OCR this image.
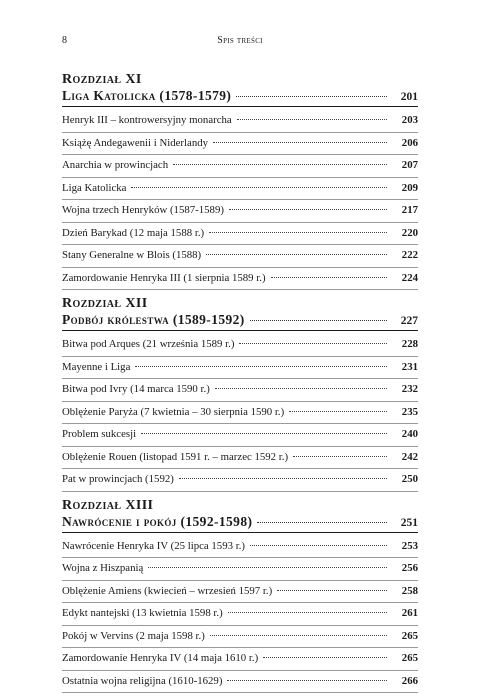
8	Spis treści
Rozdział XI
Liga Katolicka (1578-1579)	201
Henryk III – kontrowersyjny monarcha	203
Książę Andegawenii i Niderlandy	206
Anarchia w prowincjach	207
Liga Katolicka	209
Wojna trzech Henryków (1587-1589)	217
Dzień Barykad (12 maja 1588 r.)	220
Stany Generalne w Blois (1588)	222
Zamordowanie Henryka III (1 sierpnia 1589 r.)	224
Rozdział XII
Podbój królestwa (1589-1592)	227
Bitwa pod Arques (21 września 1589 r.)	228
Mayenne i Liga	231
Bitwa pod Ivry (14 marca 1590 r.)	232
Oblężenie Paryża (7 kwietnia – 30 sierpnia 1590 r.)	235
Problem sukcesji	240
Oblężenie Rouen (listopad 1591 r. – marzec 1592 r.)	242
Pat w prowincjach (1592)	250
Rozdział XIII
Nawrócenie i pokój (1592-1598)	251
Nawrócenie Henryka IV (25 lipca 1593 r.)	253
Wojna z Hiszpanią	256
Oblężenie Amiens (kwiecień – wrzesień 1597 r.)	258
Edykt nantejski (13 kwietnia 1598 r.)	261
Pokój w Vervins (2 maja 1598 r.)	265
Zamordowanie Henryka IV (14 maja 1610 r.)	265
Ostatnia wojna religijna (1610-1629)	266
